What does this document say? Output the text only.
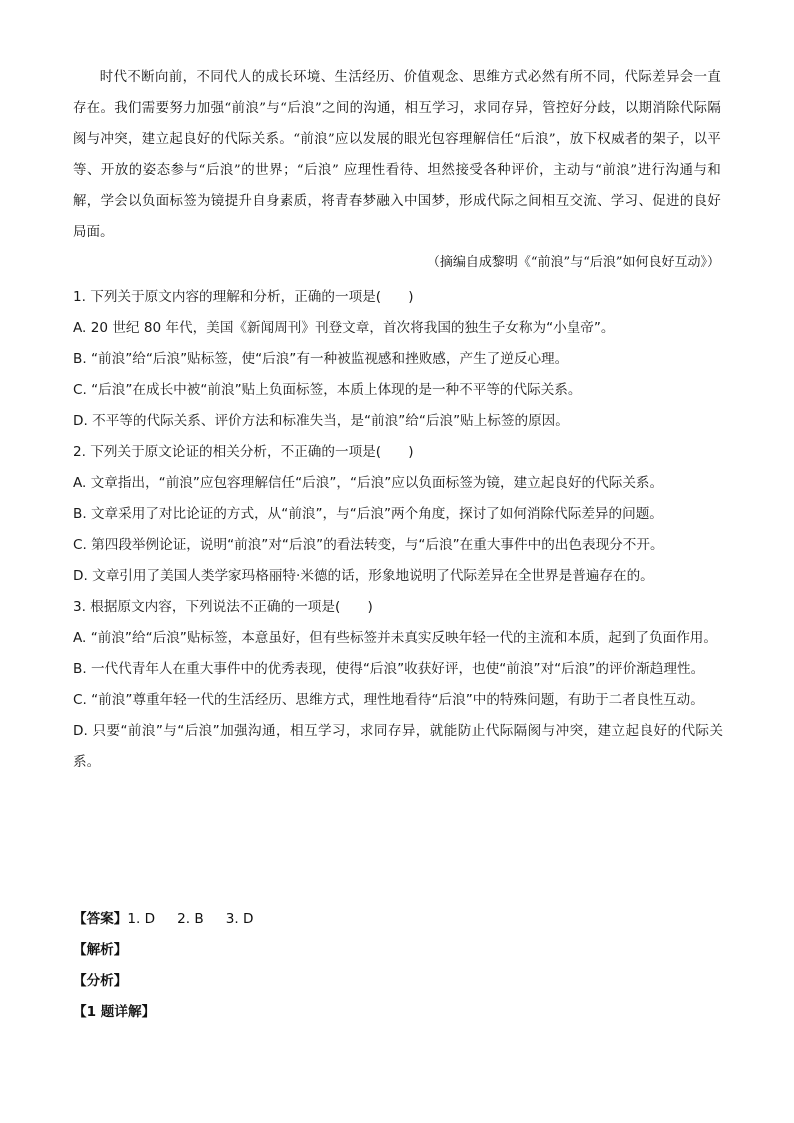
时代不断向前，不同代人的成长环境、生活经历、价值观念、思维方式必然有所不同，代际差异会一直存在。我们需要努力加强“前浪”与“后浪”之间的沟通，相互学习，求同存异，管控好分歧，以期消除代际隔阂与冲突，建立起良好的代际关系。“前浪”应以发展的眼光包容理解信任“后浪”，放下权威者的架子，以平等、开放的姿态参与“后浪”的世界；“后浪” 应理性看待、坦然接受各种评价，主动与“前浪”进行沟通与和解，学会以负面标签为镜提升自身素质，将青春梦融入中国梦，形成代际之间相互交流、学习、促进的良好局面。

（摘编自成黎明《“前浪”与“后浪”如何良好互动》）

1. 下列关于原文内容的理解和分析，正确的一项是(　　)

A. 20 世纪 80 年代，美国《新闻周刊》刊登文章，首次将我国的独生子女称为“小皇帝”。

B. “前浪”给“后浪”贴标签，使“后浪”有一种被监视感和挫败感，产生了逆反心理。

C. “后浪”在成长中被“前浪”贴上负面标签，本质上体现的是一种不平等的代际关系。

D. 不平等的代际关系、评价方法和标准失当，是“前浪”给“后浪”贴上标签的原因。

2. 下列关于原文论证的相关分析，不正确的一项是(　　)

A. 文章指出，“前浪”应包容理解信任“后浪”，“后浪”应以负面标签为镜，建立起良好的代际关系。

B. 文章采用了对比论证的方式，从“前浪”，与“后浪”两个角度，探讨了如何消除代际差异的问题。

C. 第四段举例论证，说明“前浪”对“后浪”的看法转变，与“后浪”在重大事件中的出色表现分不开。

D. 文章引用了美国人类学家玛格丽特·米德的话，形象地说明了代际差异在全世界是普遍存在的。

3. 根据原文内容，下列说法不正确的一项是(　　)

A. “前浪”给“后浪”贴标签，本意虽好，但有些标签并未真实反映年轻一代的主流和本质，起到了负面作用。

B. 一代代青年人在重大事件中的优秀表现，使得“后浪”收获好评，也使“前浪”对“后浪”的评价渐趋理性。

C. “前浪”尊重年轻一代的生活经历、思维方式，理性地看待“后浪”中的特殊问题，有助于二者良性互动。

D. 只要“前浪”与“后浪”加强沟通，相互学习，求同存异，就能防止代际隔阂与冲突，建立起良好的代际关系。

【答案】1. D 2. B 3. D

【解析】

【分析】

【1 题详解】
